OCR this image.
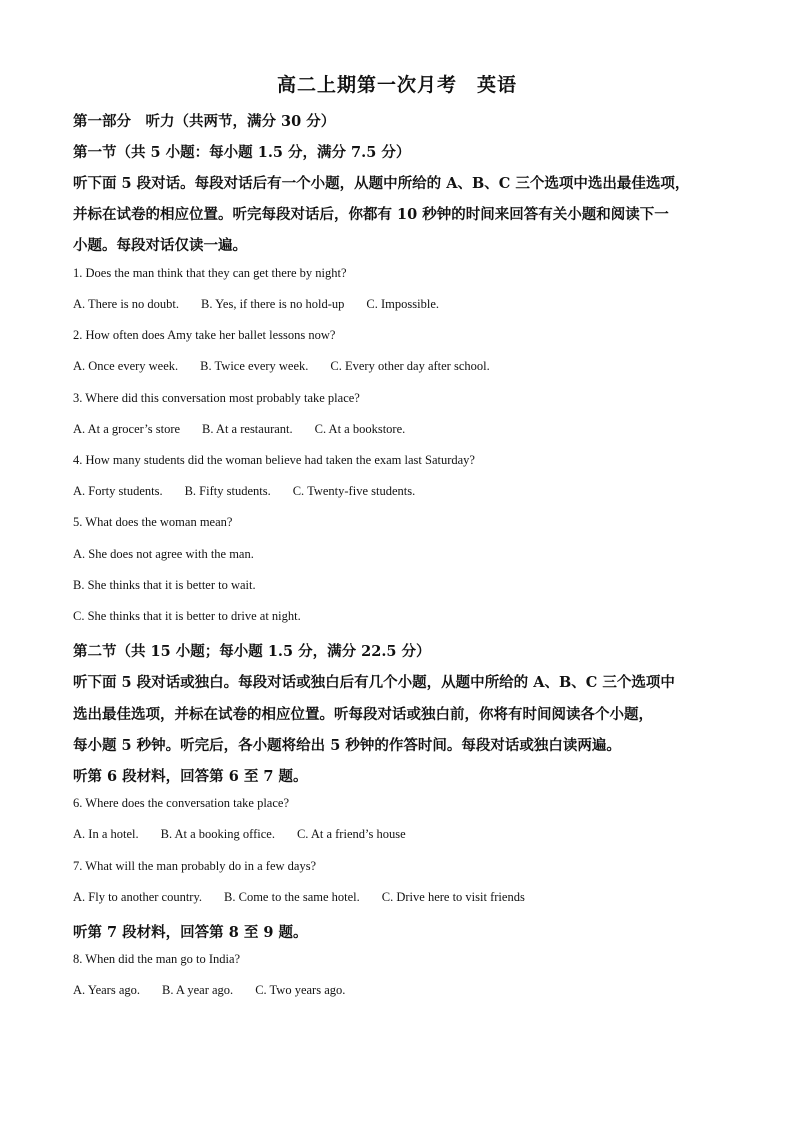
高二上期第一次月考　英语
第一部分　听力（共两节，满分 30 分）
第一节（共 5 小题：每小题 1.5 分，满分 7.5 分）
听下面 5 段对话。每段对话后有一个小题，从题中所给的 A、B、C 三个选项中选出最佳选项，
并标在试卷的相应位置。听完每段对话后，你都有 10 秒钟的时间来回答有关小题和阅读下一
小题。每段对话仅读一遍。
1. Does the man think that they can get there by night?
A. There is no doubt. B. Yes, if there is no hold-up C. Impossible.
2. How often does Amy take her ballet lessons now?
A. Once every week. B. Twice every week. C. Every other day after school.
3. Where did this conversation most probably take place?
A. At a grocer’s store B. At a restaurant. C. At a bookstore.
4. How many students did the woman believe had taken the exam last Saturday?
A. Forty students. B. Fifty students. C. Twenty-five students.
5. What does the woman mean?
A. She does not agree with the man.
B. She thinks that it is better to wait.
C. She thinks that it is better to drive at night.
第二节（共 15 小题；每小题 1.5 分，满分 22.5 分）
听下面 5 段对话或独白。每段对话或独白后有几个小题，从题中所给的 A、B、C 三个选项中
选出最佳选项，并标在试卷的相应位置。听每段对话或独白前，你将有时间阅读各个小题，
每小题 5 秒钟。听完后，各小题将给出 5 秒钟的作答时间。每段对话或独白读两遍。
听第 6 段材料，回答第 6 至 7 题。
6. Where does the conversation take place?
A. In a hotel. B. At a booking office. C. At a friend’s house
7. What will the man probably do in a few days?
A. Fly to another country. B. Come to the same hotel. C. Drive here to visit friends
听第 7 段材料，回答第 8 至 9 题。
8. When did the man go to India?
A. Years ago. B. A year ago. C. Two years ago.
